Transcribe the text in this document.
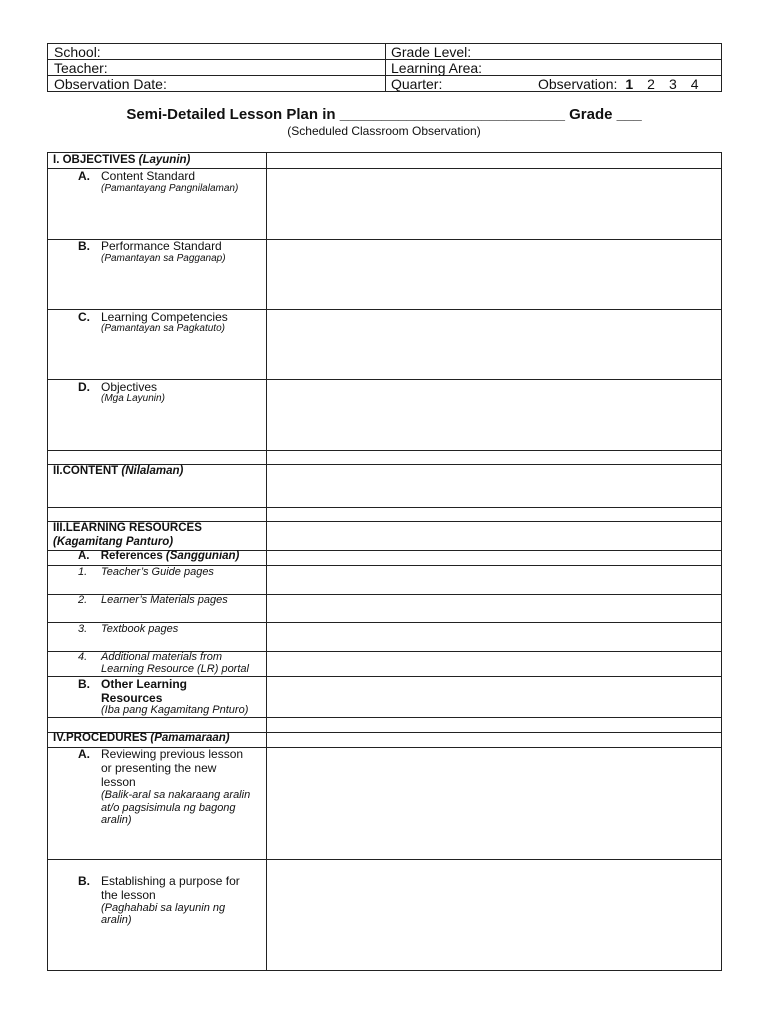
School:	Grade Level:
Teacher:	Learning Area:
Observation Date:	Quarter:	Observation: 1 2 3 4
Semi-Detailed Lesson Plan in ___________________________ Grade ___
(Scheduled Classroom Observation)
I. OBJECTIVES (Layunin)
A. Content Standard
(Pamantayang Pangnilalaman)
B. Performance Standard
(Pamantayan sa Pagganap)
C. Learning Competencies
(Pamantayan sa Pagkatuto)
D. Objectives
(Mga Layunin)
II.CONTENT (Nilalaman)
III.LEARNING RESOURCES
(Kagamitang Panturo)
A. References (Sanggunian)
1. Teacher’s Guide pages
2. Learner’s Materials pages
3. Textbook pages
4. Additional materials from
Learning Resource (LR) portal
B. Other Learning
Resources
(Iba pang Kagamitang Pnturo)
IV.PROCEDURES (Pamamaraan)
A. Reviewing previous lesson
or presenting the new
lesson
(Balik-aral sa nakaraang aralin
at/o pagsisimula ng bagong
aralin)
B. Establishing a purpose for
the lesson
(Paghahabi sa layunin ng
aralin)
